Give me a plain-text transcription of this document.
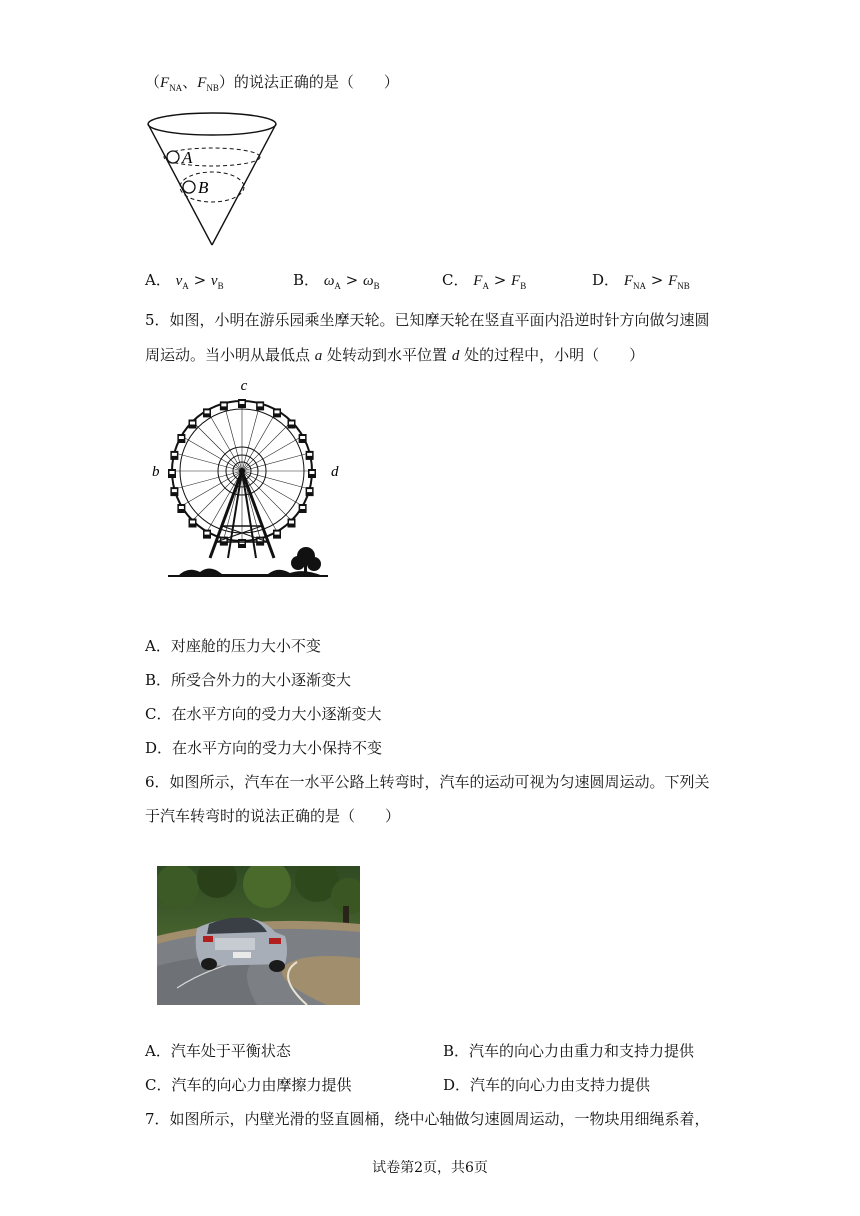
（$F_{NA}$、$F_{NB}$）的说法正确的是（　　）
A
B
A． $v_A > v_B$	B． $\omega_A > \omega_B$	C． $F_A > F_B$	D． $F_{NA} > F_{NB}$
5．如图，小明在游乐园乘坐摩天轮。已知摩天轮在竖直平面内沿逆时针方向做匀速圆
周运动。当小明从最低点 a 处转动到水平位置 d 处的过程中，小明（　　）
c
b	d
a
A．对座舱的压力大小不变
B．所受合外力的大小逐渐变大
C．在水平方向的受力大小逐渐变大
D．在水平方向的受力大小保持不变
6．如图所示，汽车在一水平公路上转弯时，汽车的运动可视为匀速圆周运动。下列关
于汽车转弯时的说法正确的是（　　）
A．汽车处于平衡状态	B．汽车的向心力由重力和支持力提供
C．汽车的向心力由摩擦力提供	D．汽车的向心力由支持力提供
7．如图所示，内壁光滑的竖直圆桶，绕中心轴做匀速圆周运动，一物块用细绳系着，
试卷第2页，共6页
